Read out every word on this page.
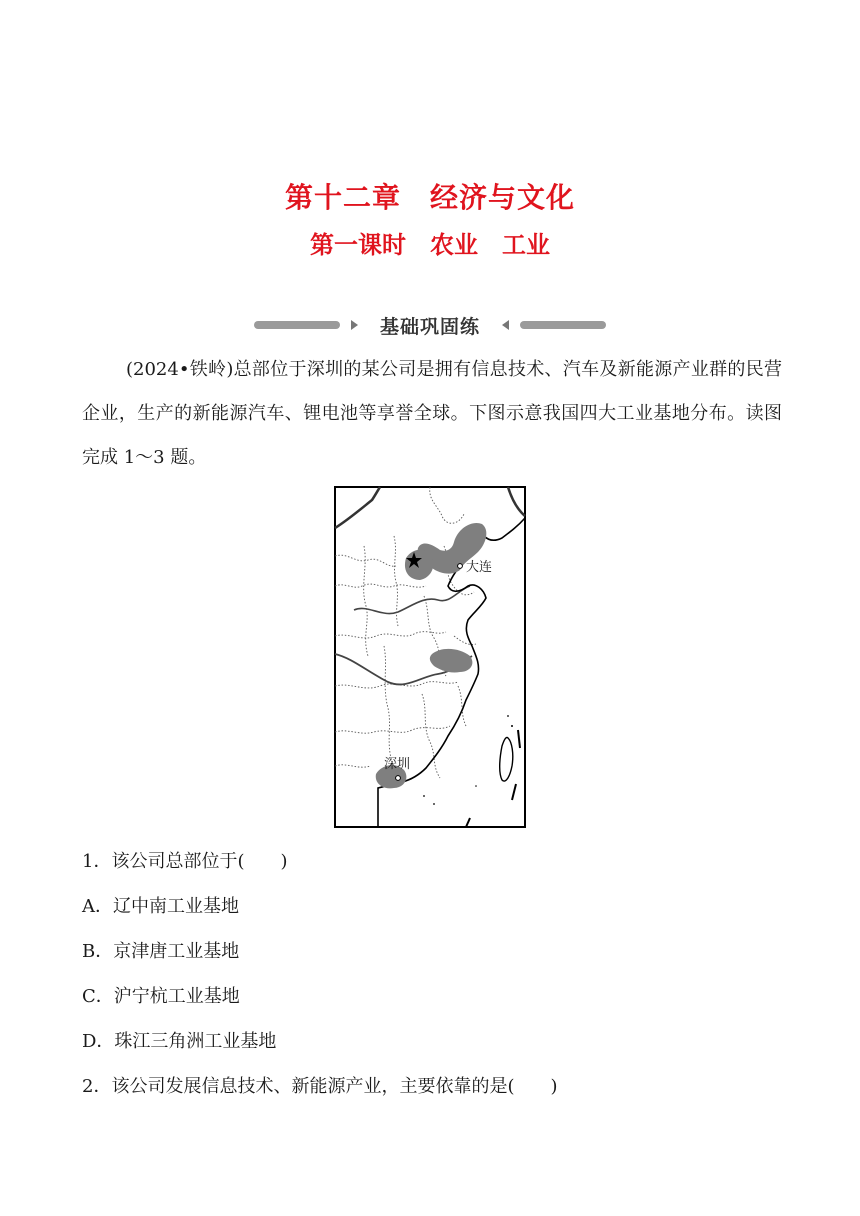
第十二章　经济与文化
第一课时　农业　工业
基础巩固练
(2024•铁岭)总部位于深圳的某公司是拥有信息技术、汽车及新能源产业群的民营企业，生产的新能源汽车、锂电池等享誉全球。下图示意我国四大工业基地分布。读图完成 1～3 题。
大连
深圳
1．该公司总部位于(　　)
A．辽中南工业基地
B．京津唐工业基地
C．沪宁杭工业基地
D．珠江三角洲工业基地
2．该公司发展信息技术、新能源产业，主要依靠的是(　　)
